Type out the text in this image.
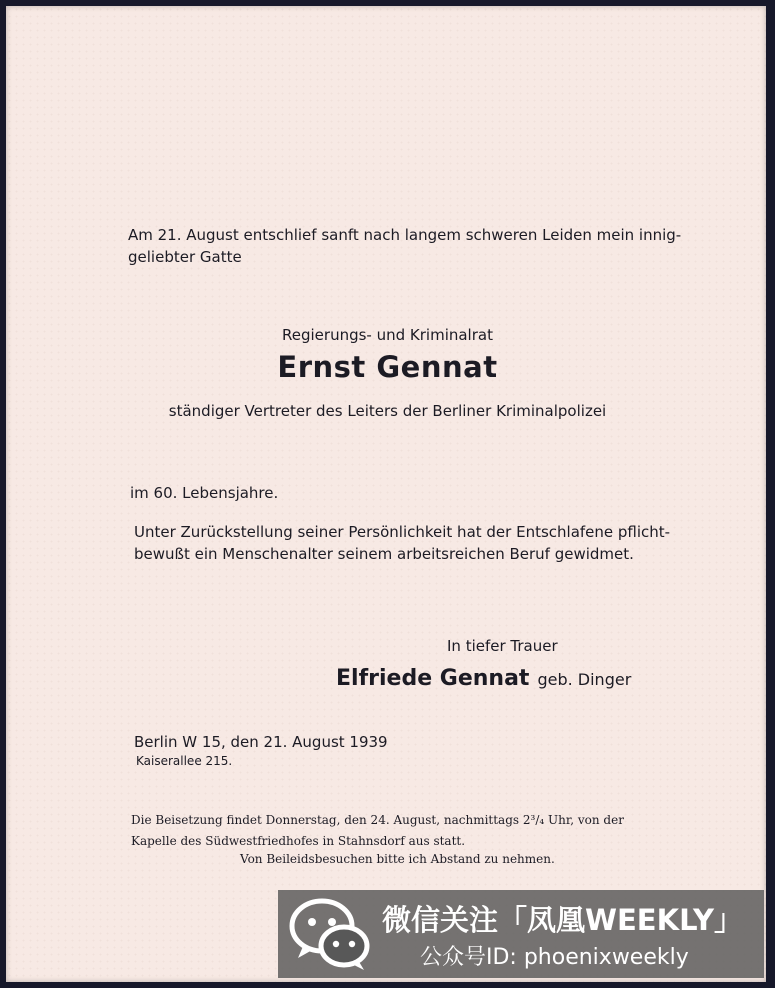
Am 21. August entschlief sanft nach langem schweren Leiden mein innig-
geliebter Gatte
Regierungs- und Kriminalrat
Ernst Gennat
ständiger Vertreter des Leiters der Berliner Kriminalpolizei
im 60. Lebensjahre.
Unter Zurückstellung seiner Persönlichkeit hat der Entschlafene pflicht-
bewußt ein Menschenalter seinem arbeitsreichen Beruf gewidmet.
In tiefer Trauer
Elfriede Gennat geb. Dinger
Berlin W 15, den 21. August 1939
Kaiserallee 215.
Die Beisetzung findet Donnerstag, den 24. August, nachmittags 2³/₄ Uhr, von der
Kapelle des Südwestfriedhofes in Stahnsdorf aus statt.
Von Beileidsbesuchen bitte ich Abstand zu nehmen.
微信关注「凤凰WEEKLY」
公众号ID: phoenixweekly
